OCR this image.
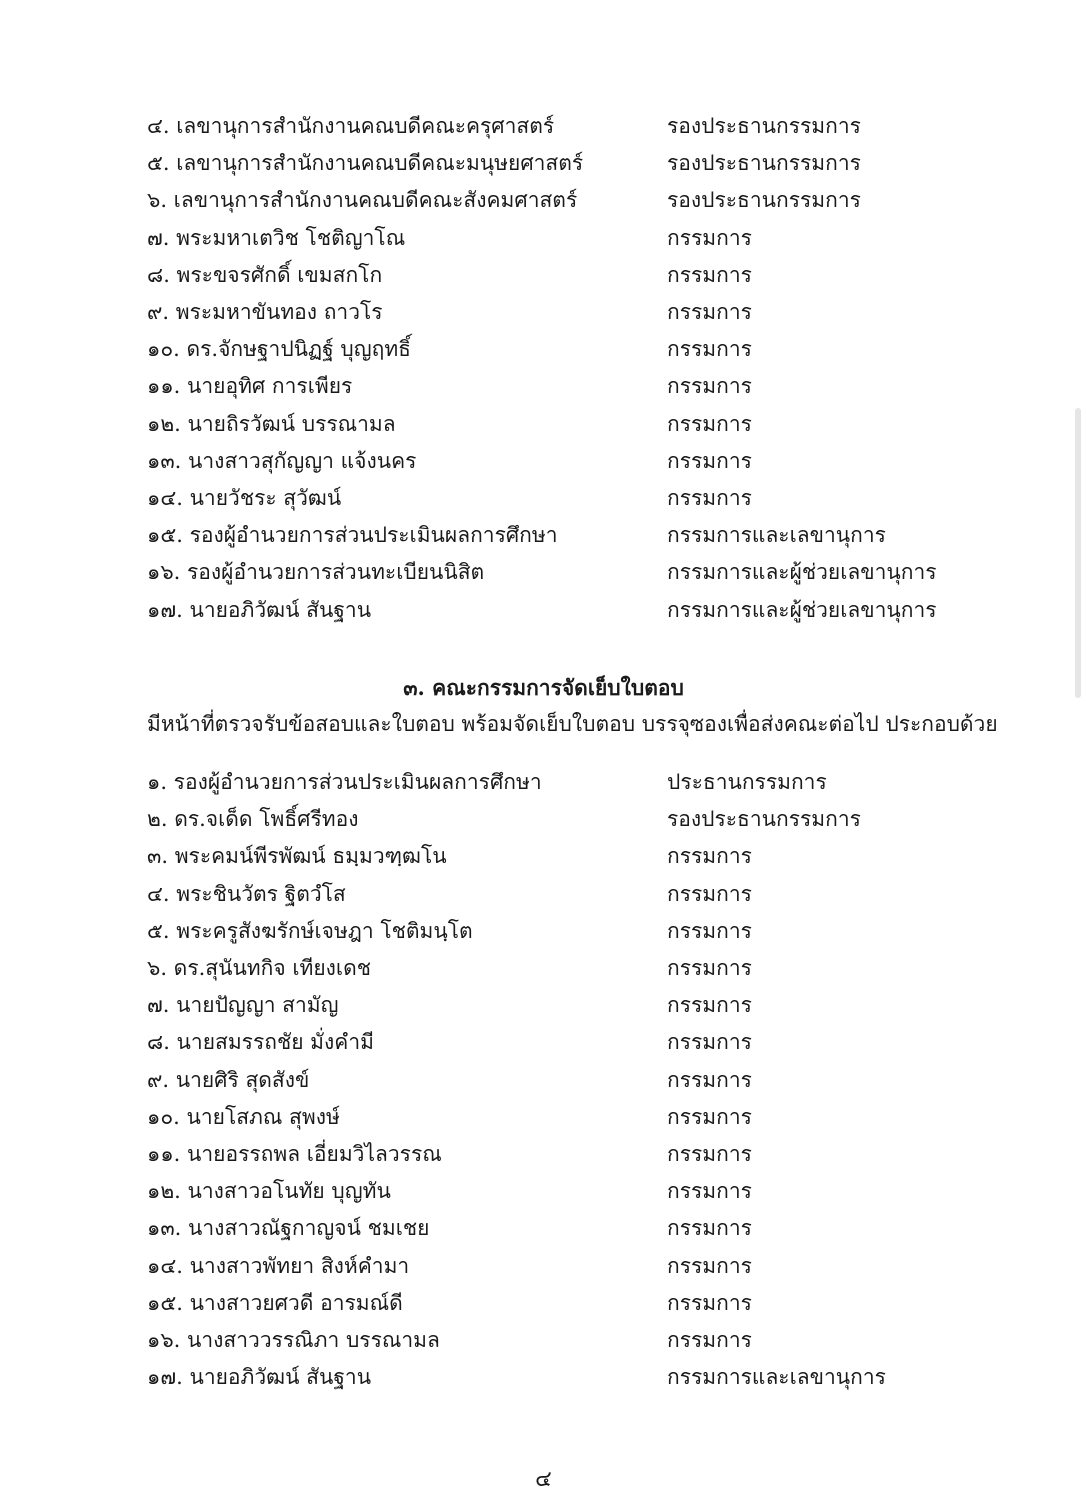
๔. เลขานุการสำนักงานคณบดีคณะครุศาสตร์	รองประธานกรรมการ
๕. เลขานุการสำนักงานคณบดีคณะมนุษยศาสตร์	รองประธานกรรมการ
๖. เลขานุการสำนักงานคณบดีคณะสังคมศาสตร์	รองประธานกรรมการ
๗. พระมหาเตวิช โชติญาโณ	กรรมการ
๘. พระขจรศักดิ์ เขมสกโก	กรรมการ
๙. พระมหาขันทอง ถาวโร	กรรมการ
๑๐. ดร.จักษฐาปนิฏฐ์ บุญฤทธิ์	กรรมการ
๑๑. นายอุทิศ การเพียร	กรรมการ
๑๒. นายถิรวัฒน์ บรรณามล	กรรมการ
๑๓. นางสาวสุกัญญา แจ้งนคร	กรรมการ
๑๔. นายวัชระ สุวัฒน์	กรรมการ
๑๕. รองผู้อำนวยการส่วนประเมินผลการศึกษา	กรรมการและเลขานุการ
๑๖. รองผู้อำนวยการส่วนทะเบียนนิสิต	กรรมการและผู้ช่วยเลขานุการ
๑๗. นายอภิวัฒน์ สันฐาน	กรรมการและผู้ช่วยเลขานุการ
๓. คณะกรรมการจัดเย็บใบตอบ
มีหน้าที่ตรวจรับข้อสอบและใบตอบ พร้อมจัดเย็บใบตอบ บรรจุซองเพื่อส่งคณะต่อไป ประกอบด้วย
๑. รองผู้อำนวยการส่วนประเมินผลการศึกษา	ประธานกรรมการ
๒. ดร.จเด็ด โพธิ์ศรีทอง	รองประธานกรรมการ
๓. พระคมน์พีรพัฒน์ ธมฺมวฑฺฒโน	กรรมการ
๔. พระชินวัตร ฐิตวํโส	กรรมการ
๕. พระครูสังฆรักษ์เจษฎา โชติมนฺโต	กรรมการ
๖. ดร.สุนันทกิจ เทียงเดช	กรรมการ
๗. นายปัญญา สามัญ	กรรมการ
๘. นายสมรรถชัย มั่งคำมี	กรรมการ
๙. นายศิริ สุดสังข์	กรรมการ
๑๐. นายโสภณ สุพงษ์	กรรมการ
๑๑. นายอรรถพล เอี่ยมวิไลวรรณ	กรรมการ
๑๒. นางสาวอโนทัย บุญทัน	กรรมการ
๑๓. นางสาวณัฐกาญจน์ ชมเชย	กรรมการ
๑๔. นางสาวพัทยา สิงห์คำมา	กรรมการ
๑๕. นางสาวยศวดี อารมณ์ดี	กรรมการ
๑๖. นางสาววรรณิภา บรรณามล	กรรมการ
๑๗. นายอภิวัฒน์ สันฐาน	กรรมการและเลขานุการ
๔
